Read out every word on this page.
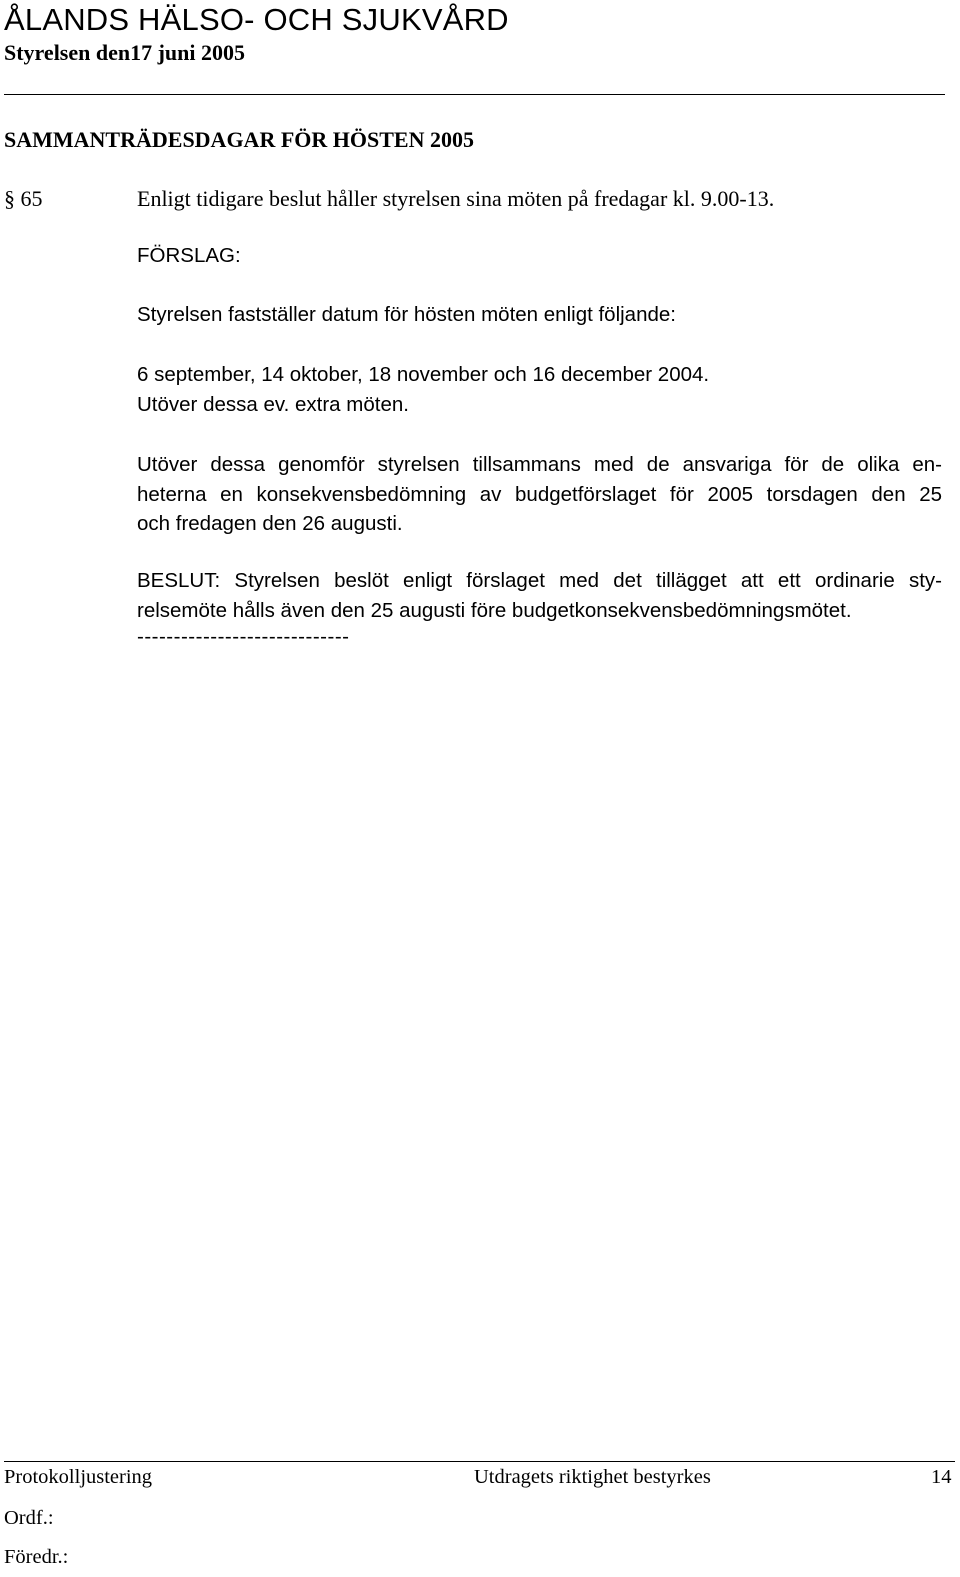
ÅLANDS HÄLSO- OCH SJUKVÅRD
Styrelsen den17 juni 2005
SAMMANTRÄDESDAGAR FÖR HÖSTEN 2005
§ 65	Enligt tidigare beslut håller styrelsen sina möten på fredagar kl. 9.00-13.
FÖRSLAG:
Styrelsen fastställer datum för hösten möten enligt följande:
6 september, 14 oktober, 18 november och 16 december 2004.
Utöver dessa ev. extra möten.
Utöver dessa genomför styrelsen tillsammans med de ansvariga för de olika en-
heterna en konsekvensbedömning av budgetförslaget för 2005 torsdagen den 25
och fredagen den 26 augusti.
BESLUT: Styrelsen beslöt enligt förslaget med det tillägget att ett ordinarie sty-
relsemöte hålls även den 25 augusti före budgetkonsekvensbedömningsmötet.
-----------------------------
Protokolljustering	Utdragets riktighet bestyrkes	14
Ordf.:
Föredr.:
